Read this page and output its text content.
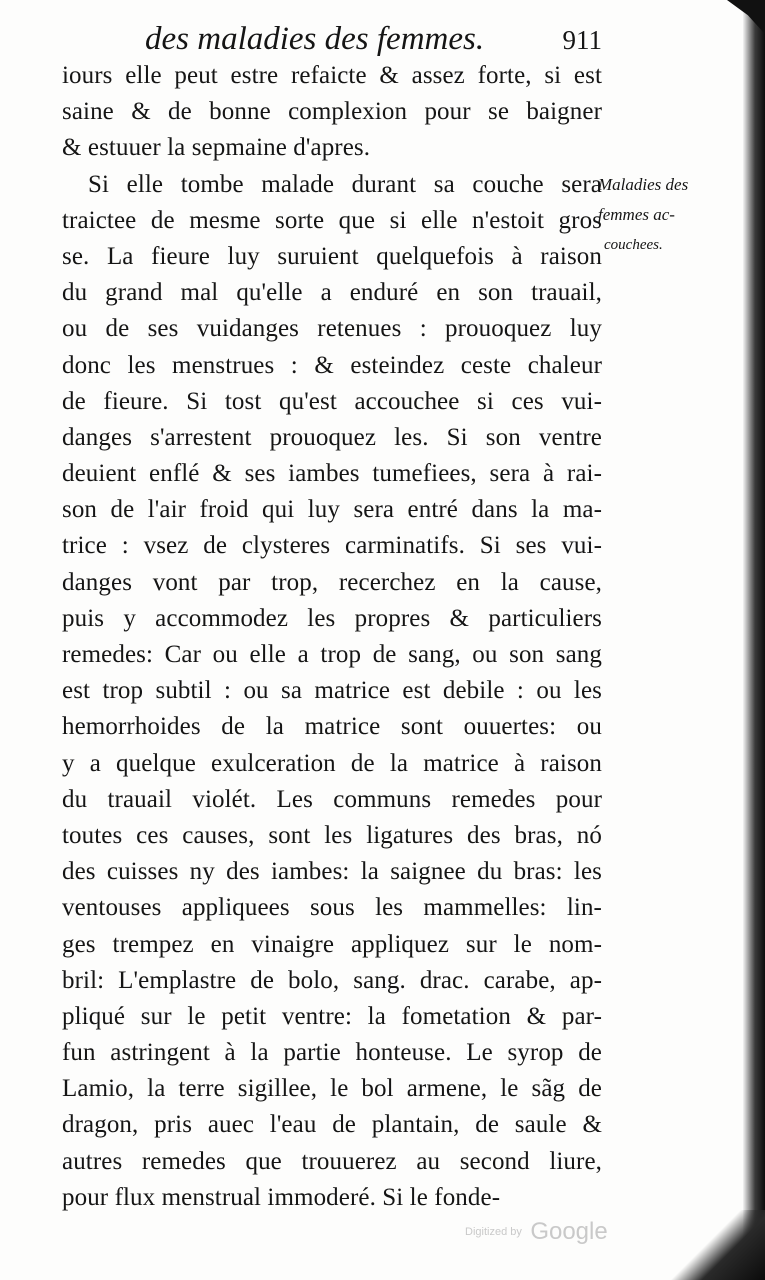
des maladies des femmes.	911
iours elle peut estre refaicte & assez forte, si est
saine & de bonne complexion pour se baigner
& estuuer la sepmaine d'apres.
Si elle tombe malade durant sa couche sera
traictee de mesme sorte que si elle n'estoit gros
se. La fieure luy suruient quelquefois à raison
du grand mal qu'elle a enduré en son trauail,
ou de ses vuidanges retenues : prouoquez luy
donc les menstrues : & esteindez ceste chaleur
de fieure. Si tost qu'est accouchee si ces vui-
danges s'arrestent prouoquez les. Si son ventre
deuient enflé & ses iambes tumefiees, sera à rai-
son de l'air froid qui luy sera entré dans la ma-
trice : vsez de clysteres carminatifs. Si ses vui-
danges vont par trop, recerchez en la cause,
puis y accommodez les propres & particuliers
remedes: Car ou elle a trop de sang, ou son sang
est trop subtil : ou sa matrice est debile : ou les
hemorrhoides de la matrice sont ouuertes: ou
y a quelque exulceration de la matrice à raison
du trauail violét. Les communs remedes pour
toutes ces causes, sont les ligatures des bras, nó
des cuisses ny des iambes: la saignee du bras: les
ventouses appliquees sous les mammelles: lin-
ges trempez en vinaigre appliquez sur le nom-
bril: L'emplastre de bolo, sang. drac. carabe, ap-
pliqué sur le petit ventre: la fometation & par-
fun astringent à la partie honteuse. Le syrop de
Lamio, la terre sigillee, le bol armene, le sãg de
dragon, pris auec l'eau de plantain, de saule &
autres remedes que trouuerez au second liure,
pour flux menstrual immoderé. Si le fonde-
Maladies des
femmes ac-
couchees.
Digitized by Google
